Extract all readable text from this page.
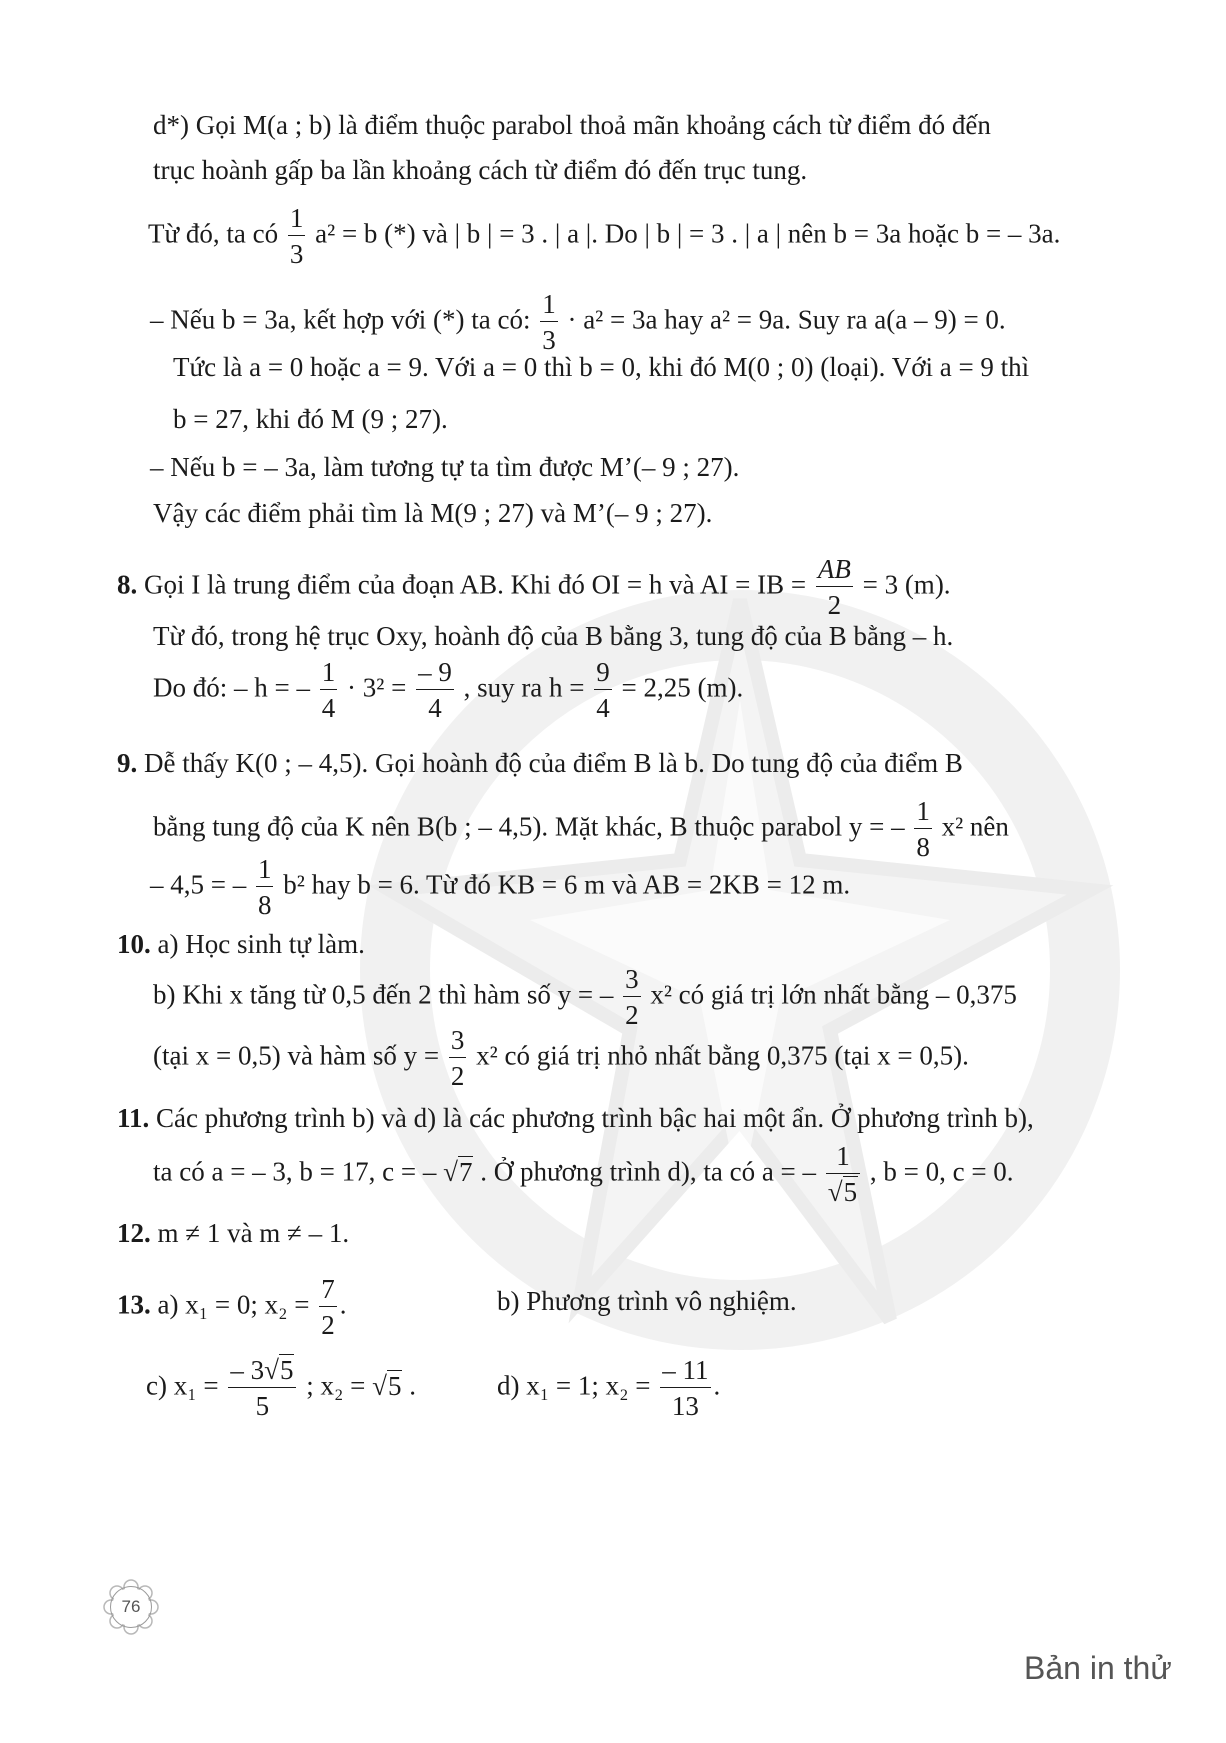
d*) Gọi M(a ; b) là điểm thuộc parabol thoả mãn khoảng cách từ điểm đó đến
trục hoành gấp ba lần khoảng cách từ điểm đó đến trục tung.
Từ đó, ta có $\frac{1}{3} a^2 = b$ (*) và | b | = 3 . | a |. Do | b | = 3 . | a | nên b = 3a hoặc b = – 3a.
– Nếu b = 3a, kết hợp với (*) ta có: $\frac{1}{3} \cdot a^2 = 3a$ hay a² = 9a. Suy ra a(a – 9) = 0.
Tức là a = 0 hoặc a = 9. Với a = 0 thì b = 0, khi đó M(0 ; 0) (loại). Với a = 9 thì
b = 27, khi đó M (9 ; 27).
– Nếu b = – 3a, làm tương tự ta tìm được M’(– 9 ; 27).
Vậy các điểm phải tìm là M(9 ; 27) và M’(– 9 ; 27).
8. Gọi I là trung điểm của đoạn AB. Khi đó OI = h và AI = IB = $\frac{AB}{2} = 3$ (m).
Từ đó, trong hệ trục Oxy, hoành độ của B bằng 3, tung độ của B bằng – h.
Do đó: – h = – $\frac{1}{4} \cdot 3^2 = \frac{- 9}{4}$ , suy ra $h = \frac{9}{4} = 2,25$ (m).
9. Dễ thấy K(0 ; – 4,5). Gọi hoành độ của điểm B là b. Do tung độ của điểm B
bằng tung độ của K nên B(b ; – 4,5). Mặt khác, B thuộc parabol y = – $\frac{1}{8} x^2$ nên
– 4,5 = – $\frac{1}{8} b^2$ hay b = 6. Từ đó KB = 6 m và AB = 2KB = 12 m.
10. a) Học sinh tự làm.
b) Khi x tăng từ 0,5 đến 2 thì hàm số y = – $\frac{3}{2} x^2$ có giá trị lớn nhất bằng – 0,375
(tại x = 0,5) và hàm số $y = \frac{3}{2} x^2$ có giá trị nhỏ nhất bằng 0,375 (tại x = 0,5).
11. Các phương trình b) và d) là các phương trình bậc hai một ẩn. Ở phương trình b),
ta có a = – 3, b = 17, c = – √7 . Ở phương trình d), ta có a = – $\frac{1}{√5}$ , b = 0, c = 0.
12. m ≠ 1 và m ≠ – 1.
13. a) x₁ = 0; $x_2 = \frac{7}{2}$ .	b) Phương trình vô nghiệm.
c) $x_1 = \frac{- 3√5}{5}$ ; x₂ = √5 .	d) x₁ = 1; $x_2 = \frac{- 11}{13}$ .
76
Bản in thử
